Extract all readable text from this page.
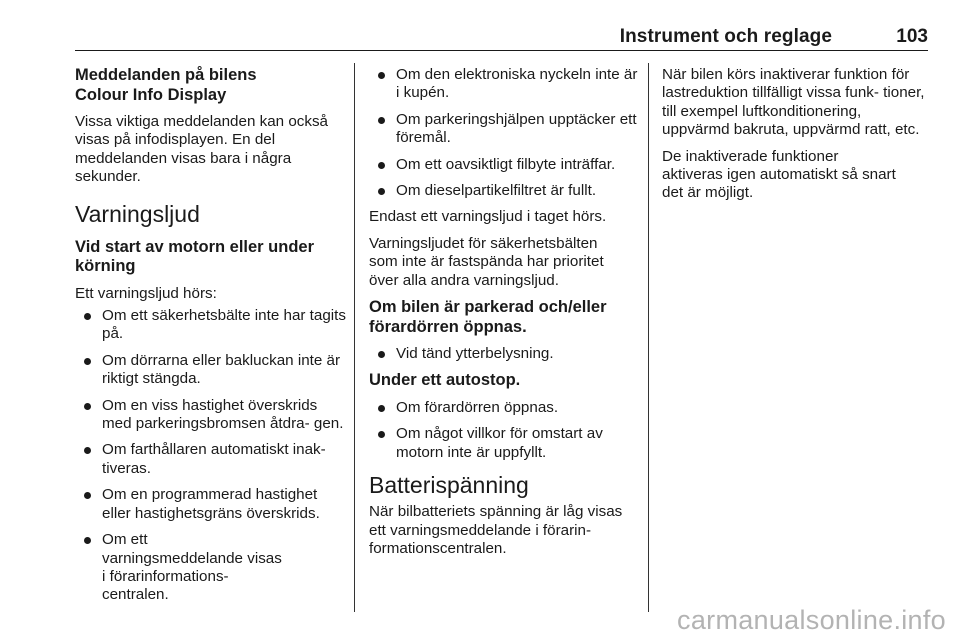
Instrument och reglage	103
Meddelanden på bilens Colour Info Display

Vissa viktiga meddelanden kan också visas på infodisplayen. En del meddelanden visas bara i några sekunder.

Varningsljud
Vid start av motorn eller under körning

Ett varningsljud hörs:

Om ett säkerhetsbälte inte har tagits på.
Om dörrarna eller bakluckan inte är riktigt stängda.
Om en viss hastighet överskrids med parkeringsbromsen åtdra- gen.
Om farthållaren automatiskt inak- tiveras.
Om en programmerad hastighet eller hastighetsgräns överskrids.
Om ett varningsmeddelande visas i förarinformations- centralen.
Om den elektroniska nyckeln inte är i kupén.
Om parkeringshjälpen upptäcker ett föremål.
Om ett oavsiktligt filbyte inträffar.
Om dieselpartikelfiltret är fullt.

Endast ett varningsljud i taget hörs.

Varningsljudet för säkerhetsbälten som inte är fastspända har prioritet över alla andra varningsljud.

Om bilen är parkerad och/eller förardörren öppnas.
Vid tänd ytterbelysning.
Under ett autostop.
Om förardörren öppnas.
Om något villkor för omstart av motorn inte är uppfyllt.
Batterispänning

När bilbatteriets spänning är låg visas ett varningsmeddelande i förarin- formationscentralen.

När bilen körs inaktiverar funktion för lastreduktion tillfälligt vissa funk- tioner, till exempel luftkonditionering, uppvärmd bakruta, uppvärmd ratt, etc.

De inaktiverade funktioner aktiveras igen automatiskt så snart det är möjligt.

carmanualsonline.info
